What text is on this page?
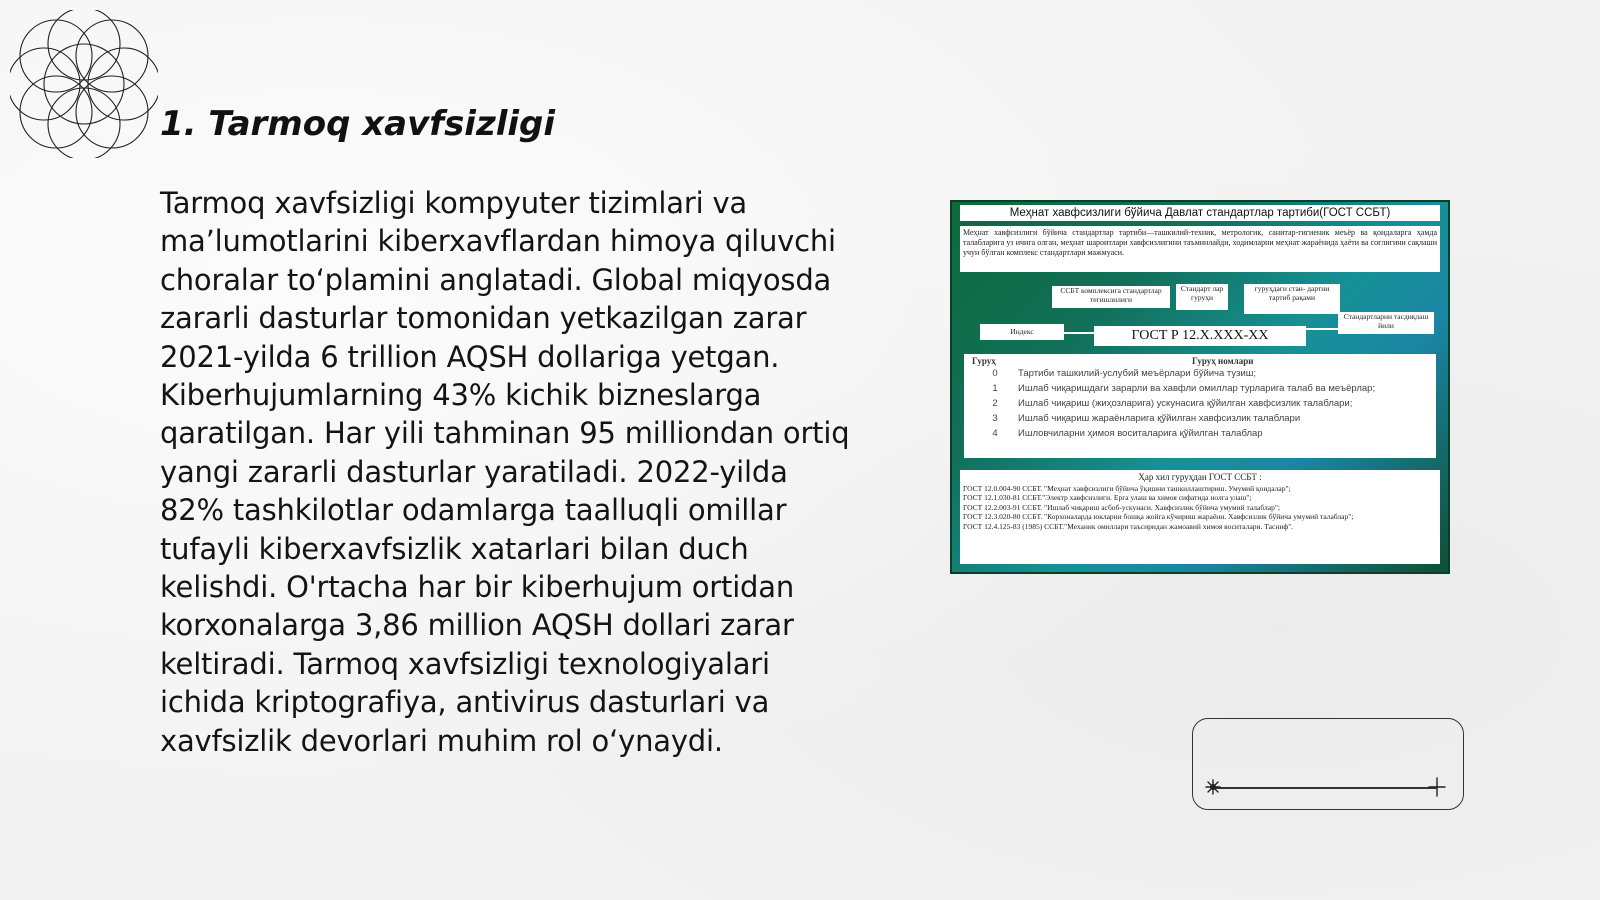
1. Tarmoq xavfsizligi

Tarmoq xavfsizligi kompyuter tizimlari va ma’lumotlarini kiberxavflardan himoya qiluvchi choralar to‘plamini anglatadi. Global miqyosda zararli dasturlar tomonidan yetkazilgan zarar 2021-yilda 6 trillion AQSH dollariga yetgan. Kiberhujumlarning 43% kichik bizneslarga qaratilgan. Har yili tahminan 95 milliondan ortiq yangi zararli dasturlar yaratiladi. 2022-yilda 82% tashkilotlar odamlarga taalluqli omillar tufayli kiberxavfsizlik xatarlari bilan duch kelishdi. O'rtacha har bir kiberhujum ortidan korxonalarga 3,86 million AQSH dollari zarar keltiradi. Tarmoq xavfsizligi texnologiyalari ichida kriptografiya, antivirus dasturlari va xavfsizlik devorlari muhim rol o‘ynaydi.

Меҳнат хавфсизлиги бўйича Давлат стандартлар тартиби(ГОСТ ССБТ)
Меҳнат хавфсизлиги бўйича стандартлар тартиби—ташкилий-техник, метрологик, санитар-гигиеник меъёр ва қоидаларга ҳамда талабларига уз ичига олган, меҳнат шароитлари хавфсизлигини таъминлайди, ходимларни меҳнат жараёнида ҳаёти ва соғлигини сақлаши учун бўлган комплекс стандартлари мажмуаси.
ССБТ комплексига стандартлар тегишлилиги
Стандарт лар гуруҳи
гуруҳдаги стан- дартни тартиб рақами
Индекс
Стандартларни тасдиқлаш йили
ГОСТ Р 12.Х.ХХХ-ХХ
Гуруҳ	Гуруҳ номлари
0	Тартиби ташкилий-услубий меъёрлари бўйича тузиш;
1	Ишлаб чиқаришдаги зарарли ва хавфли омиллар турларига талаб ва меъёрлар;
2	Ишлаб чиқариш (жиҳозларига) ускунасига қўйилган хавфсизлик талаблари;
3	Ишлаб чиқариш жараёнларига қўйилган хавфсизлик талаблари
4	Ишловчиларни ҳимоя воситаларига қўйилган талаблар
Ҳар хил гуруҳдан ГОСТ ССБТ :
ГОСТ 12.0.004-90 ССБТ. "Меҳнат хавфсизлиги бўйича ўқишни ташкиллаштириш. Умумий қоидалар";
ГОСТ 12.1.030-81 ССБТ."Электр хавфсизлиги. Ерга улаш ва химоя сифатида нолга улаш";
ГОСТ 12.2.003-91 ССБТ. "Ишлаб чиқариш асбоб-ускунаси. Хавфсизлик бўйича умумий талаблар";
ГОСТ 12.3.020-80 ССБТ. "Корхоналарда юкларни бошқа жойга кўчириш жараёни. Хавфсизлик бўйича умумий талаблар";
ГОСТ 12.4.125-83 (1985) ССБТ."Механик омиллари таъсиридан жамоавий химоя воситалари. Тасниф".
